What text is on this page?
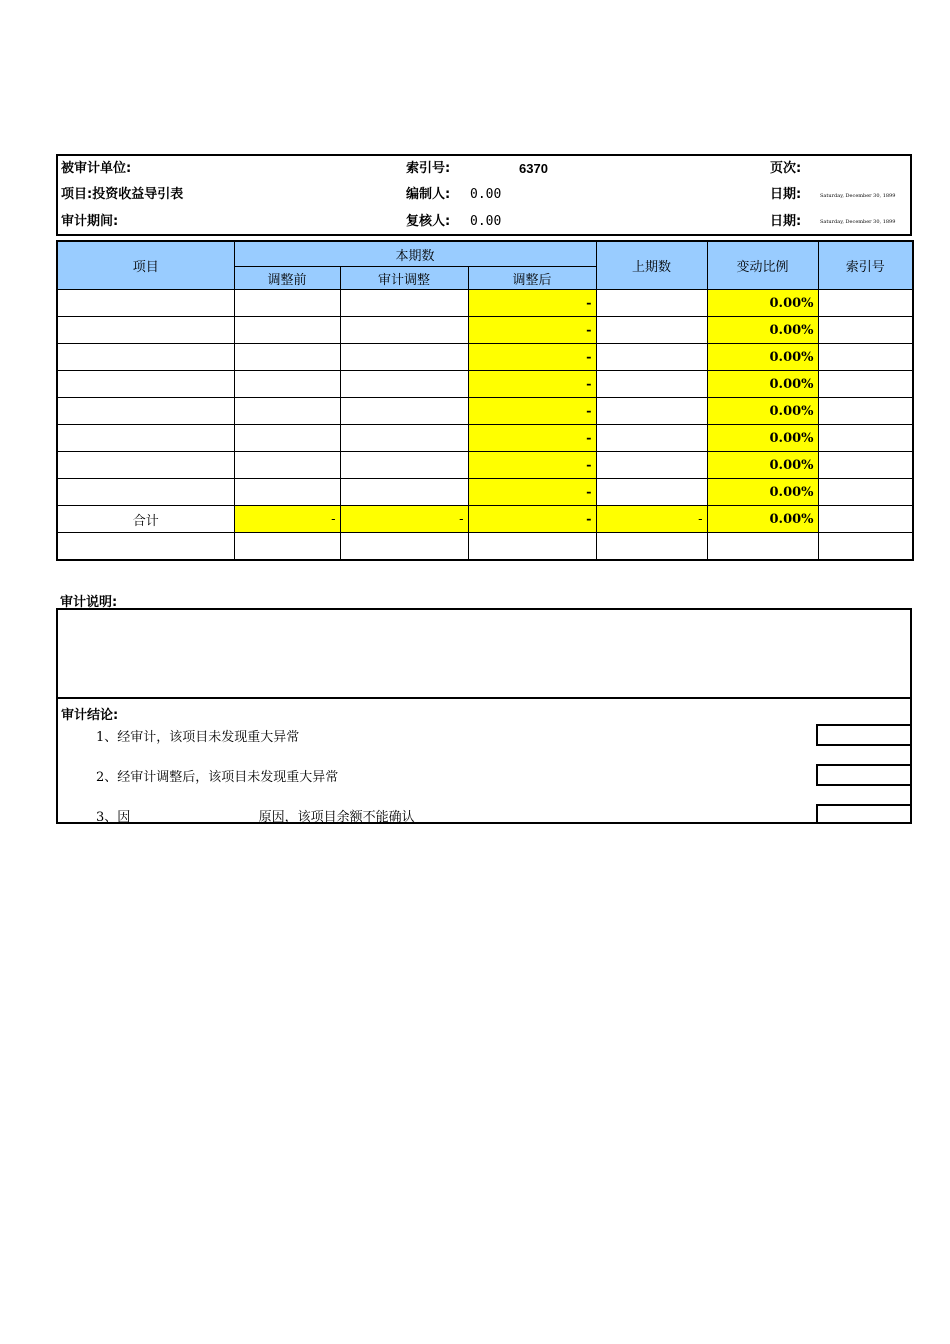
被审计单位:
项目:投资收益导引表
审计期间:
索引号:	6370
编制人: 0.00
复核人: 0.00
页次:
日期:	Saturday, December 30, 1899
日期:	Saturday, December 30, 1899
项目	本期数			上期数	变动比例	索引号
	调整前	审计调整	调整后			
			-		0.00%	
			-		0.00%	
			-		0.00%	
			-		0.00%	
			-		0.00%	
			-		0.00%	
			-		0.00%	
			-		0.00%	
合计	-	-	-	-	0.00%	

审计说明:
审计结论:
1、经审计，该项目未发现重大异常
2、经审计调整后，该项目未发现重大异常
3、因	原因，该项目余额不能确认
